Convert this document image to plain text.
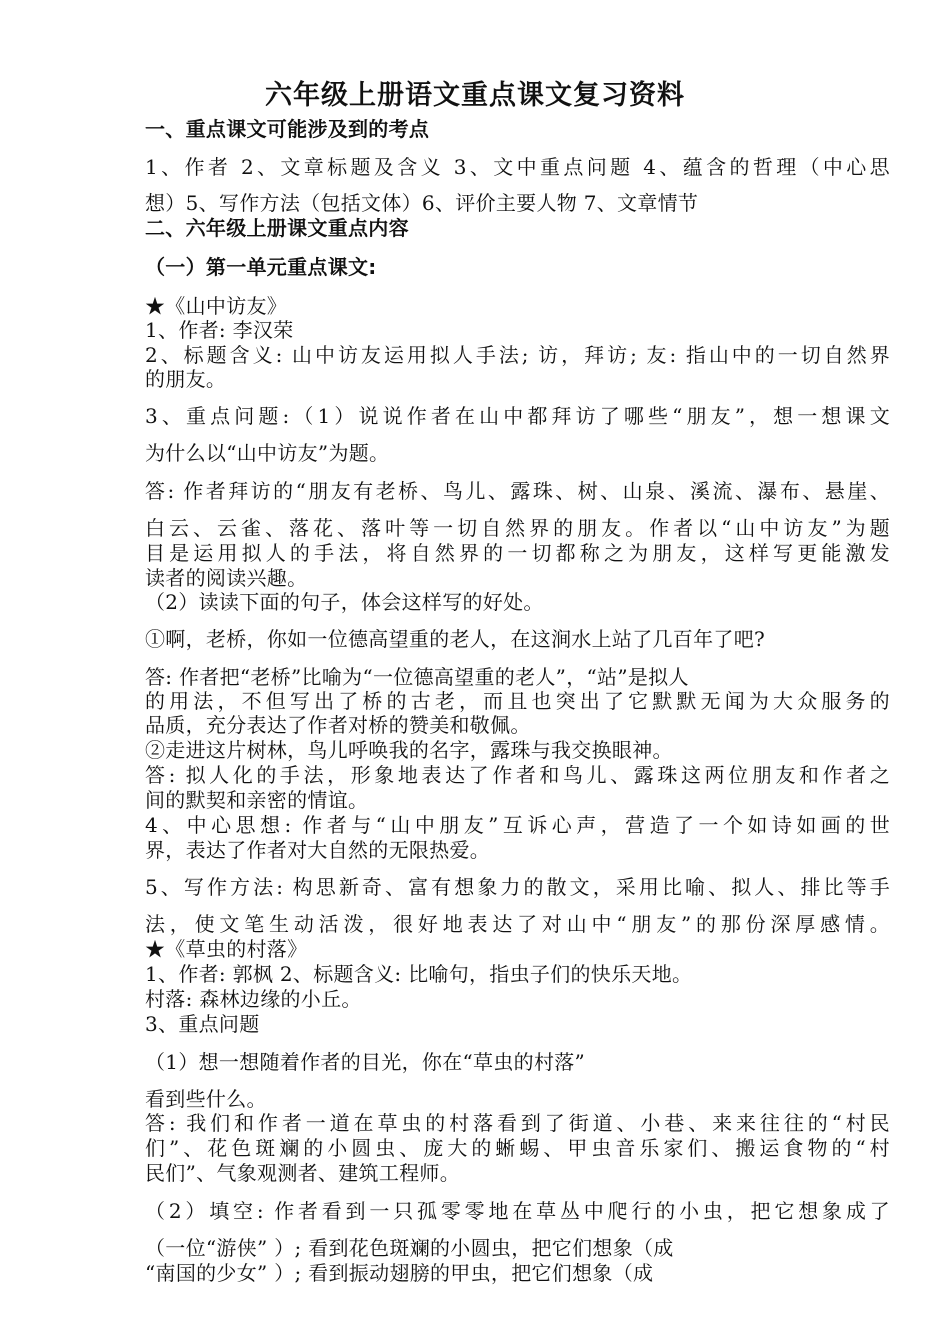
六年级上册语文重点课文复习资料
一、重点课文可能涉及到的考点
1、作者 2、文章标题及含义 3、文中重点问题 4、蕴含的哲理（中心思
想）5、写作方法（包括文体）6、评价主要人物 7、文章情节
二、六年级上册课文重点内容
（一）第一单元重点课文:
★《山中访友》
1、作者: 李汉荣
2、标题含义: 山中访友运用拟人手法; 访，拜访; 友: 指山中的一切自然界
的朋友。
3、重点问题:（1）说说作者在山中都拜访了哪些“朋友”，想一想课文
为什么以“山中访友”为题。
答: 作者拜访的“朋友有老桥、鸟儿、露珠、树、山泉、溪流、瀑布、悬崖、
白云、云雀、落花、落叶等一切自然界的朋友。作者以“山中访友”为题
目是运用拟人的手法，将自然界的一切都称之为朋友，这样写更能激发
读者的阅读兴趣。
（2）读读下面的句子，体会这样写的好处。
①啊，老桥，你如一位德高望重的老人，在这涧水上站了几百年了吧?
答: 作者把“老桥”比喻为“一位德高望重的老人”，“站”是拟人
的用法，不但写出了桥的古老，而且也突出了它默默无闻为大众服务的
品质，充分表达了作者对桥的赞美和敬佩。
②走进这片树林，鸟儿呼唤我的名字，露珠与我交换眼神。
答: 拟人化的手法，形象地表达了作者和鸟儿、露珠这两位朋友和作者之
间的默契和亲密的情谊。
4、中心思想: 作者与“山中朋友”互诉心声，营造了一个如诗如画的世
界，表达了作者对大自然的无限热爱。
5、写作方法: 构思新奇、富有想象力的散文，采用比喻、拟人、排比等手
法，使文笔生动活泼，很好地表达了对山中“朋友”的那份深厚感情。
★《草虫的村落》
1、作者: 郭枫 2、标题含义: 比喻句，指虫子们的快乐天地。
村落: 森林边缘的小丘。
3、重点问题
（1）想一想随着作者的目光，你在“草虫的村落”
看到些什么。
答: 我们和作者一道在草虫的村落看到了街道、小巷、来来往往的“村民
们”、花色斑斓的小圆虫、庞大的蜥蜴、甲虫音乐家们、搬运食物的“村
民们”、气象观测者、建筑工程师。
（2）填空: 作者看到一只孤零零地在草丛中爬行的小虫，把它想象成了
（一位“游侠” ）; 看到花色斑斓的小圆虫，把它们想象（成
“南国的少女” ）; 看到振动翅膀的甲虫，把它们想象（成
